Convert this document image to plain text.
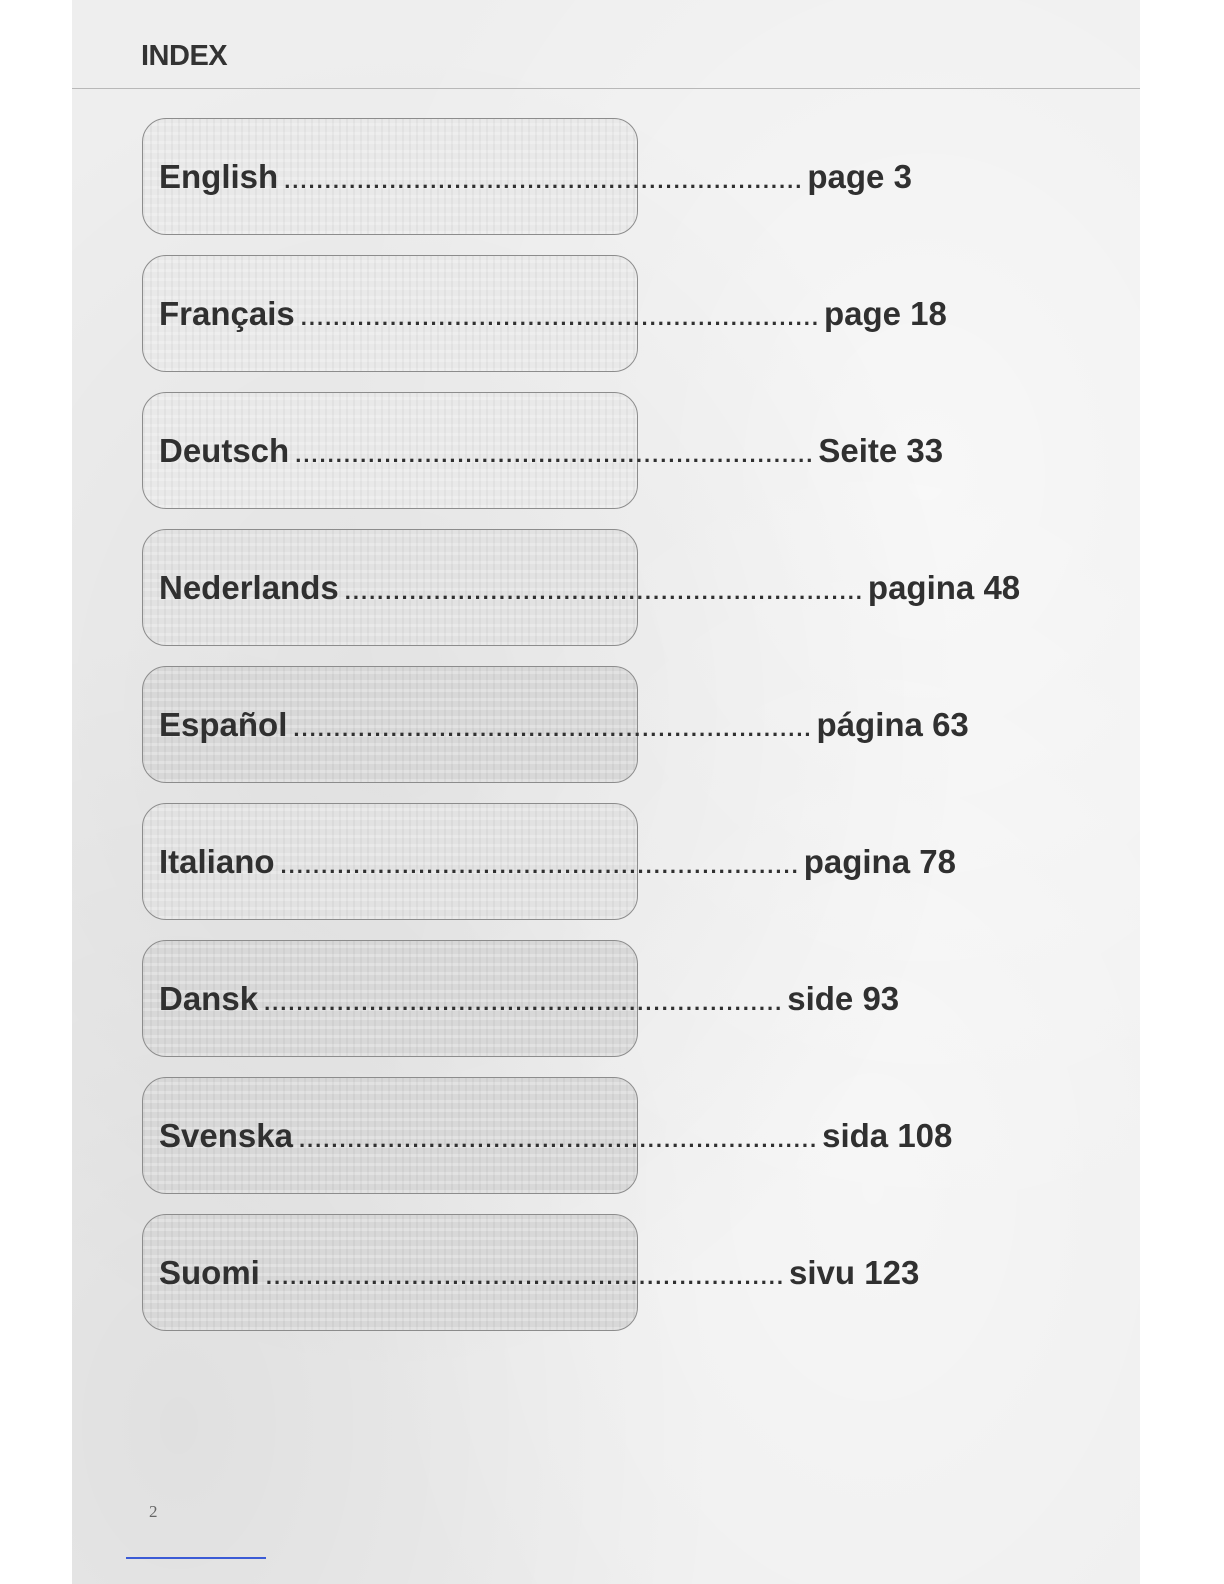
INDEX
English ................................................................ page 3
Français ................................................................ page 18
Deutsch ................................................................ Seite 33
Nederlands ................................................................ pagina 48
Español ................................................................ página 63
Italiano ................................................................ pagina 78
Dansk ................................................................ side 93
Svenska ................................................................ sida 108
Suomi ................................................................ sivu 123
2
